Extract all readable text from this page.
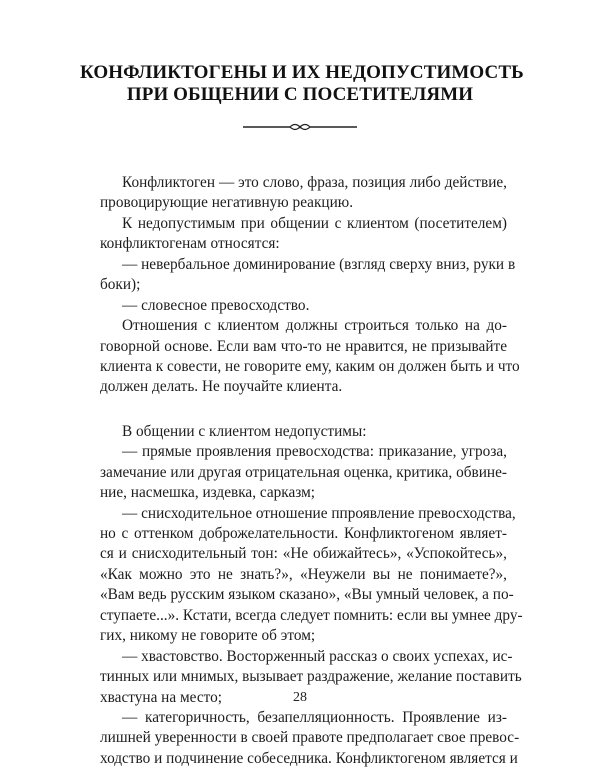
КОНФЛИКТОГЕНЫ И ИХ НЕДОПУСТИМОСТЬ
ПРИ ОБЩЕНИИ С ПОСЕТИТЕЛЯМИ
Конфликтоген — это слово, фраза, позиция либо действие,
провоцирующие негативную реакцию.
К недопустимым при общении с клиентом (посетителем)
конфликтогенам относятся:
— невербальное доминирование (взгляд сверху вниз, руки в
боки);
— словесное превосходство.
Отношения с клиентом должны строиться только на до-
говорной основе. Если вам что-то не нравится, не призывайте
клиента к совести, не говорите ему, каким он должен быть и что
должен делать. Не поучайте клиента.
В общении с клиентом недопустимы:
— прямые проявления превосходства: приказание, угроза,
замечание или другая отрицательная оценка, критика, обвине-
ние, насмешка, издевка, сарказм;
— снисходительное отношение ппроявление превосходства,
но с оттенком доброжелательности. Конфликтогеном являет-
ся и снисходительный тон: «Не обижайтесь», «Успокойтесь»,
«Как можно это не знать?», «Неужели вы не понимаете?»,
«Вам ведь русским языком сказано», «Вы умный человек, а по-
ступаете...». Кстати, всегда следует помнить: если вы умнее дру-
гих, никому не говорите об этом;
— хвастовство. Восторженный рассказ о своих успехах, ис-
тинных или мнимых, вызывает раздражение, желание поставить
хвастуна на место;
— категоричность, безапелляционность. Проявление из-
лишней уверенности в своей правоте предполагает свое превос-
ходство и подчинение собеседника. Конфликтогеном является и
28
